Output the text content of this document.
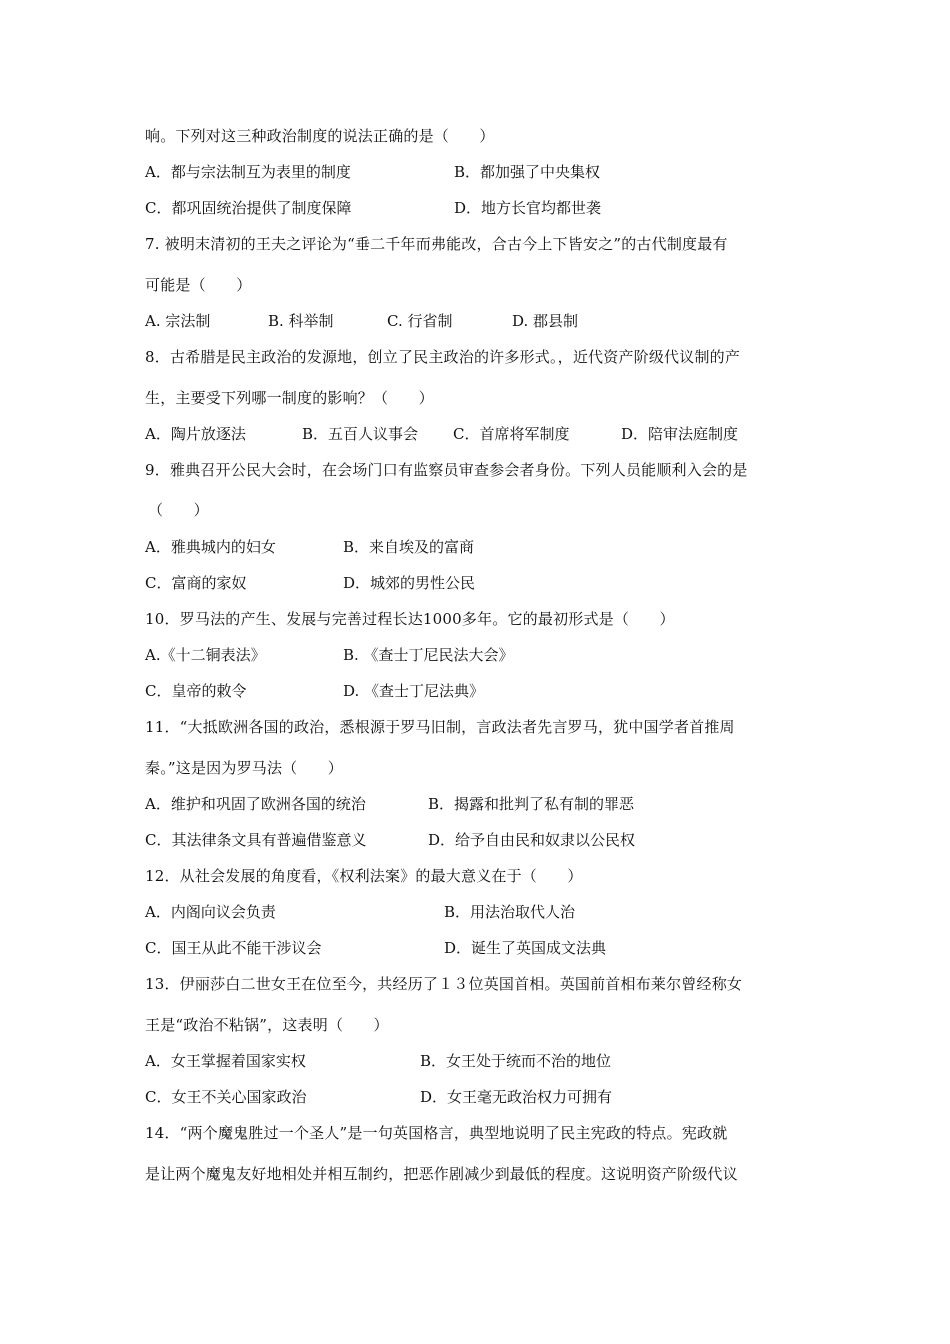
响。下列对这三种政治制度的说法正确的是（　　）
A．都与宗法制互为表里的制度	B．都加强了中央集权
C．都巩固统治提供了制度保障	D．地方长官均都世袭
7. 被明末清初的王夫之评论为“垂二千年而弗能改，合古今上下皆安之”的古代制度最有
可能是（　　）
A. 宗法制	B. 科举制	C. 行省制	D. 郡县制
8．古希腊是民主政治的发源地，创立了民主政治的许多形式。，近代资产阶级代议制的产
生，主要受下列哪一制度的影响？（　　）
A．陶片放逐法	B．五百人议事会 C．首席将军制度	D．陪审法庭制度
9．雅典召开公民大会时，在会场门口有监察员审查参会者身份。下列人员能顺利入会的是
（　　）
A．雅典城内的妇女	B．来自埃及的富商
C．富商的家奴	D．城郊的男性公民
10．罗马法的产生、发展与完善过程长达1000多年。它的最初形式是（　　）
A.《十二铜表法》	B. 《查士丁尼民法大会》
C．皇帝的敕令	D. 《查士丁尼法典》
11．“大抵欧洲各国的政治，悉根源于罗马旧制，言政法者先言罗马，犹中国学者首推周
秦。”这是因为罗马法（　　）
A．维护和巩固了欧洲各国的统治	B．揭露和批判了私有制的罪恶
C．其法律条文具有普遍借鉴意义	D．给予自由民和奴隶以公民权
12．从社会发展的角度看，《权利法案》的最大意义在于（　　）
A．内阁向议会负责	B．用法治取代人治
C．国王从此不能干涉议会	D．诞生了英国成文法典
13．伊丽莎白二世女王在位至今，共经历了１３位英国首相。英国前首相布莱尔曾经称女
王是“政治不粘锅”，这表明（　　）
A．女王掌握着国家实权	B．女王处于统而不治的地位
C．女王不关心国家政治	D．女王毫无政治权力可拥有
14．“两个魔鬼胜过一个圣人”是一句英国格言，典型地说明了民主宪政的特点。宪政就
是让两个魔鬼友好地相处并相互制约，把恶作剧减少到最低的程度。这说明资产阶级代议
